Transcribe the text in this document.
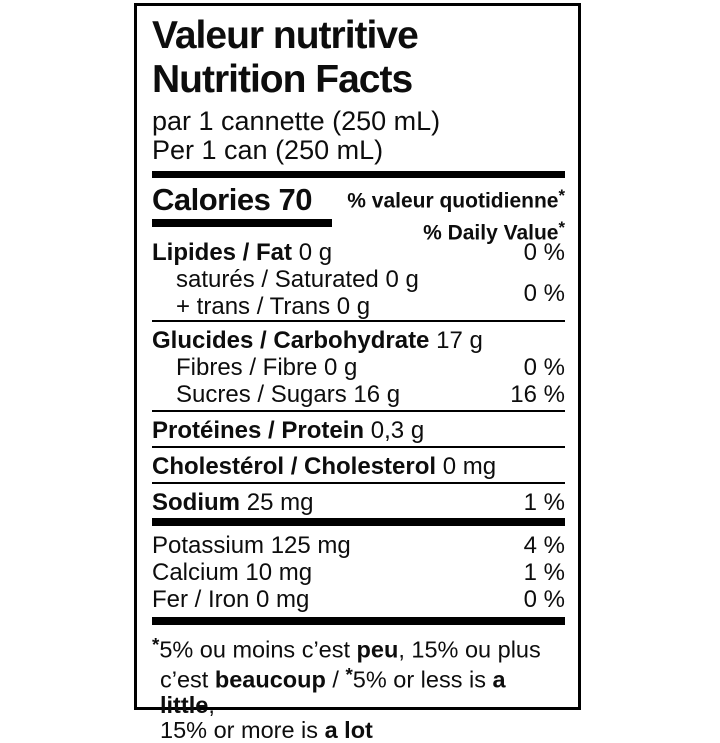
Valeur nutritive
Nutrition Facts
par 1 cannette (250 mL)
Per 1 can (250 mL)
Calories 70	% valeur quotidienne*
% Daily Value*
Lipides / Fat 0 g	0 %
saturés / Saturated 0 g
+ trans / Trans 0 g	0 %
Glucides / Carbohydrate 17 g
Fibres / Fibre 0 g	0 %
Sucres / Sugars 16 g	16 %
Protéines / Protein 0,3 g
Cholestérol / Cholesterol 0 mg
Sodium 25 mg	1 %
Potassium 125 mg	4 %
Calcium 10 mg	1 %
Fer / Iron 0 mg	0 %
*5% ou moins c’est peu, 15% ou plus
c’est beaucoup / *5% or less is a little,
15% or more is a lot
